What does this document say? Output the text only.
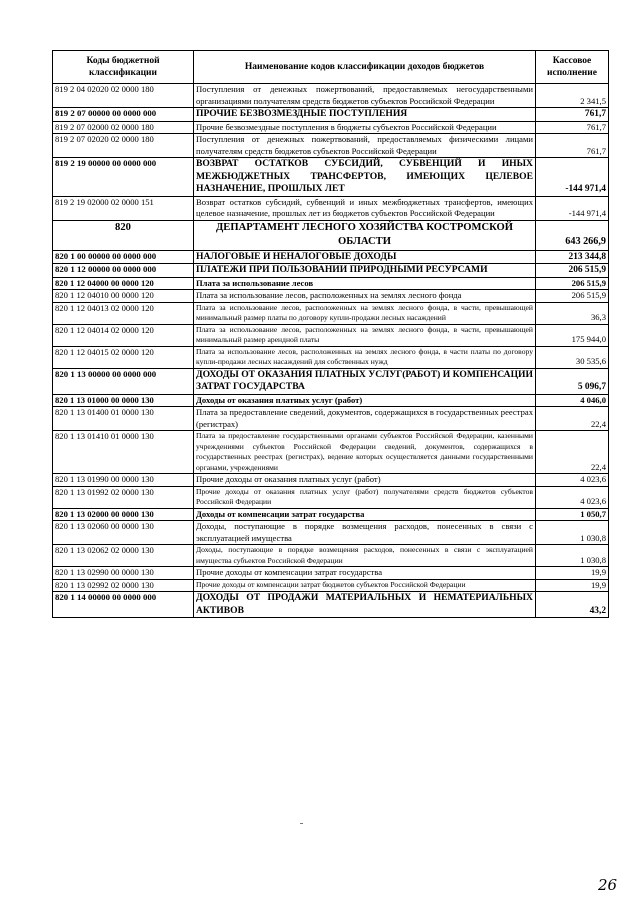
Коды бюджетной классификации	Наименование кодов классификации доходов бюджетов	Кассовое исполнение
819 2 04 02020 02 0000 180	Поступления от денежных пожертвований, предоставляемых негосударственными организациями получателям средств бюджетов субъектов Российской Федерации	2 341,5
819 2 07 00000 00 0000 000	ПРОЧИЕ БЕЗВОЗМЕЗДНЫЕ ПОСТУПЛЕНИЯ	761,7
819 2 07 02000 02 0000 180	Прочие безвозмездные поступления в бюджеты субъектов Российской Федерации	761,7
819 2 07 02020 02 0000 180	Поступления от денежных пожертвований, предоставляемых физическими лицами получателям средств бюджетов субъектов Российской Федерации	761,7
819 2 19 00000 00 0000 000	ВОЗВРАТ ОСТАТКОВ СУБСИДИЙ, СУБВЕНЦИЙ И ИНЫХ МЕЖБЮДЖЕТНЫХ ТРАНСФЕРТОВ, ИМЕЮЩИХ ЦЕЛЕВОЕ НАЗНАЧЕНИЕ, ПРОШЛЫХ ЛЕТ	-144 971,4
819 2 19 02000 02 0000 151	Возврат остатков субсидий, субвенций и иных межбюджетных трансфертов, имеющих целевое назначение, прошлых лет из бюджетов субъектов Российской Федерации	-144 971,4
820	ДЕПАРТАМЕНТ ЛЕСНОГО ХОЗЯЙСТВА КОСТРОМСКОЙ ОБЛАСТИ	643 266,9
820 1 00 00000 00 0000 000	НАЛОГОВЫЕ И НЕНАЛОГОВЫЕ ДОХОДЫ	213 344,8
820 1 12 00000 00 0000 000	ПЛАТЕЖИ ПРИ ПОЛЬЗОВАНИИ ПРИРОДНЫМИ РЕСУРСАМИ	206 515,9
820 1 12 04000 00 0000 120	Плата за использование лесов	206 515,9
820 1 12 04010 00 0000 120	Плата за использование лесов, расположенных на землях лесного фонда	206 515,9
820 1 12 04013 02 0000 120	Плата за использование лесов, расположенных на землях лесного фонда, в части, превышающей минимальный размер платы по договору купли-продажи лесных насаждений	36,3
820 1 12 04014 02 0000 120	Плата за использование лесов, расположенных на землях лесного фонда, в части, превышающей минимальный размер арендной платы	175 944,0
820 1 12 04015 02 0000 120	Плата за использование лесов, расположенных на землях лесного фонда, в части платы по договору купли-продажи лесных насаждений для собственных нужд	30 535,6
820 1 13 00000 00 0000 000	ДОХОДЫ ОТ ОКАЗАНИЯ ПЛАТНЫХ УСЛУГ(РАБОТ) И КОМПЕНСАЦИИ ЗАТРАТ ГОСУДАРСТВА	5 096,7
820 1 13 01000 00 0000 130	Доходы от оказания платных услуг (работ)	4 046,0
820 1 13 01400 01 0000 130	Плата за предоставление сведений, документов, содержащихся в государственных реестрах (регистрах)	22,4
820 1 13 01410 01 0000 130	Плата за предоставление государственными органами субъектов Российской Федерации, казенными учреждениями субъектов Российской Федерации сведений, документов, содержащихся в государственных реестрах (регистрах), ведение которых осуществляется данными государственными органами, учреждениями	22,4
820 1 13 01990 00 0000 130	Прочие доходы от оказания платных услуг (работ)	4 023,6
820 1 13 01992 02 0000 130	Прочие доходы от оказания платных услуг (работ) получателями средств бюджетов субъектов Российской Федерации	4 023,6
820 1 13 02000 00 0000 130	Доходы от компенсации затрат государства	1 050,7
820 1 13 02060 00 0000 130	Доходы, поступающие в порядке возмещения расходов, понесенных в связи с эксплуатацией имущества	1 030,8
820 1 13 02062 02 0000 130	Доходы, поступающие в порядке возмещения расходов, понесенных в связи с эксплуатацией имущества субъектов Российской Федерации	1 030,8
820 1 13 02990 00 0000 130	Прочие доходы от компенсации затрат государства	19,9
820 1 13 02992 02 0000 130	Прочие доходы от компенсации затрат бюджетов субъектов Российской Федерации	19,9
820 1 14 00000 00 0000 000	ДОХОДЫ ОТ ПРОДАЖИ МАТЕРИАЛЬНЫХ И НЕМАТЕРИАЛЬНЫХ АКТИВОВ	43,2
26
